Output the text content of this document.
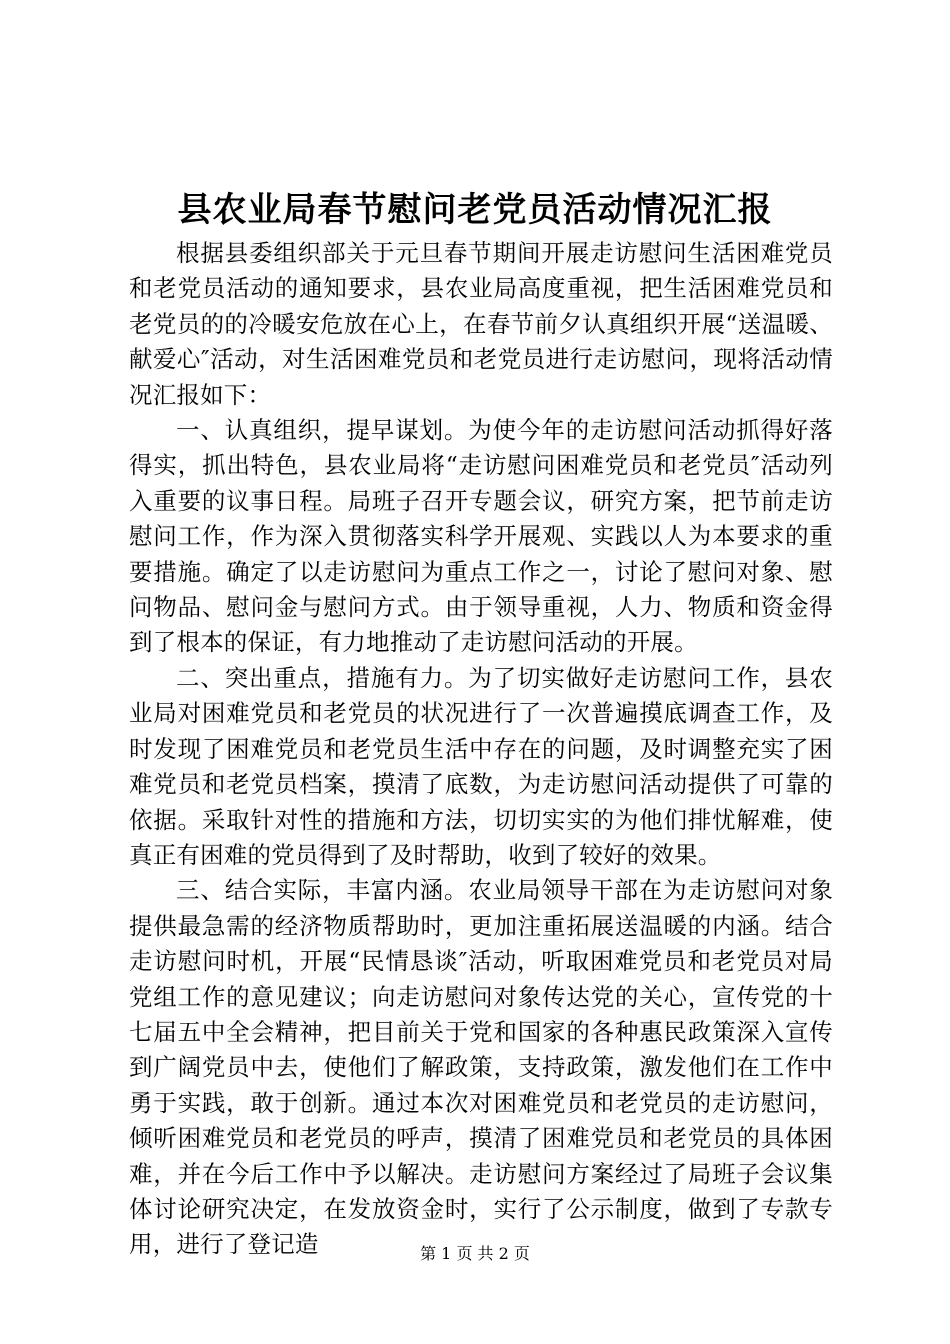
县农业局春节慰问老党员活动情况汇报

根据县委组织部关于元旦春节期间开展走访慰问生活困难党员和老党员活动的通知要求，县农业局高度重视，把生活困难党员和老党员的的冷暖安危放在心上，在春节前夕认真组织开展“送温暖、献爱心″活动，对生活困难党员和老党员进行走访慰问，现将活动情况汇报如下：

一、认真组织，提早谋划。为使今年的走访慰问活动抓得好落得实，抓出特色，县农业局将“走访慰问困难党员和老党员″活动列入重要的议事日程。局班子召开专题会议，研究方案，把节前走访慰问工作，作为深入贯彻落实科学开展观、实践以人为本要求的重要措施。确定了以走访慰问为重点工作之一，讨论了慰问对象、慰问物品、慰问金与慰问方式。由于领导重视，人力、物质和资金得到了根本的保证，有力地推动了走访慰问活动的开展。

二、突出重点，措施有力。为了切实做好走访慰问工作，县农业局对困难党员和老党员的状况进行了一次普遍摸底调查工作，及时发现了困难党员和老党员生活中存在的问题，及时调整充实了困难党员和老党员档案，摸清了底数，为走访慰问活动提供了可靠的依据。采取针对性的措施和方法，切切实实的为他们排忧解难，使真正有困难的党员得到了及时帮助，收到了较好的效果。

三、结合实际，丰富内涵。农业局领导干部在为走访慰问对象提供最急需的经济物质帮助时，更加注重拓展送温暖的内涵。结合走访慰问时机，开展“民情恳谈″活动，听取困难党员和老党员对局党组工作的意见建议；向走访慰问对象传达党的关心，宣传党的十七届五中全会精神，把目前关于党和国家的各种惠民政策深入宣传到广阔党员中去，使他们了解政策，支持政策，激发他们在工作中勇于实践，敢于创新。通过本次对困难党员和老党员的走访慰问，倾听困难党员和老党员的呼声，摸清了困难党员和老党员的具体困难，并在今后工作中予以解决。走访慰问方案经过了局班子会议集体讨论研究决定，在发放资金时，实行了公示制度，做到了专款专用，进行了登记造	第 1 页 共 2 页
